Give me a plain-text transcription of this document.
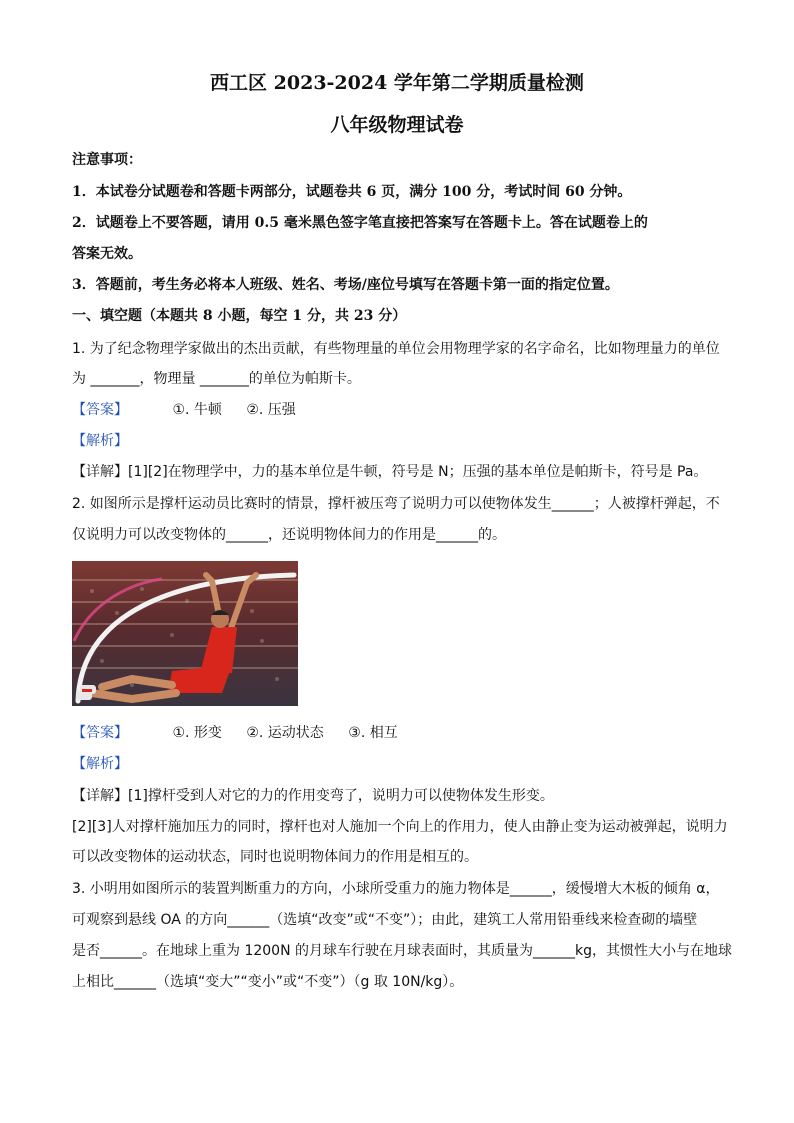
西工区 2023-2024 学年第二学期质量检测
八年级物理试卷
注意事项：
1．本试卷分试题卷和答题卡两部分，试题卷共 6 页，满分 100 分，考试时间 60 分钟。
2．试题卷上不要答题，请用 0.5 毫米黑色签字笔直接把答案写在答题卡上。答在试题卷上的
答案无效。
3．答题前，考生务必将本人班级、姓名、考场/座位号填写在答题卡第一面的指定位置。
一、填空题（本题共 8 小题，每空 1 分，共 23 分）
1. 为了纪念物理学家做出的杰出贡献，有些物理量的单位会用物理学家的名字命名，比如物理量力的单位
为 _______，物理量 _______的单位为帕斯卡。
【答案】	①. 牛顿 ②. 压强
【解析】
【详解】[1][2]在物理学中，力的基本单位是牛顿，符号是 N；压强的基本单位是帕斯卡，符号是 Pa。
2. 如图所示是撑杆运动员比赛时的情景，撑杆被压弯了说明力可以使物体发生______；人被撑杆弹起，不
仅说明力可以改变物体的______，还说明物体间力的作用是______的。
【答案】	①. 形变 ②. 运动状态 ③. 相互
【解析】
【详解】[1]撑杆受到人对它的力的作用变弯了，说明力可以使物体发生形变。
[2][3]人对撑杆施加压力的同时，撑杆也对人施加一个向上的作用力，使人由静止变为运动被弹起，说明力
可以改变物体的运动状态，同时也说明物体间力的作用是相互的。
3. 小明用如图所示的装置判断重力的方向，小球所受重力的施力物体是______，缓慢增大木板的倾角 α，
可观察到悬线 OA 的方向______（选填“改变”或“不变”）；由此，建筑工人常用铅垂线来检查砌的墙壁
是否______。在地球上重为 1200N 的月球车行驶在月球表面时，其质量为______kg，其惯性大小与在地球
上相比______（选填“变大”“变小”或“不变”）（g 取 10N/kg）。
